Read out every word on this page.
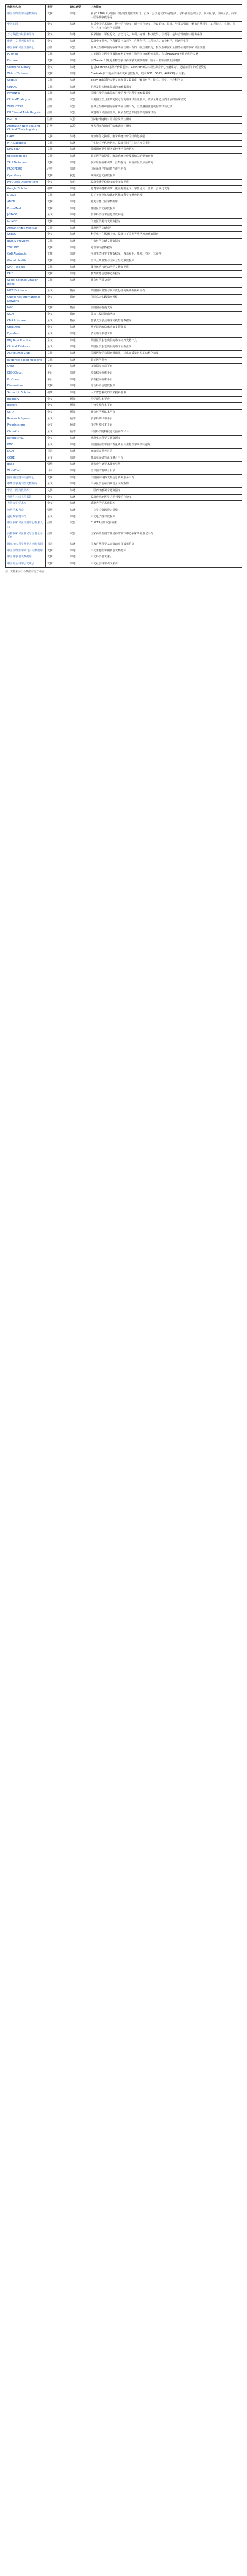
数据库名称	类型	研究类型	内容简介
中国生物医学文献数据库	文摘	综述	收录1978年以来国内出版的生物医学期刊、汇编、会议论文的文献题录，学科覆盖基础医学、临床医学、预防医学、药学、中医学及中药学等
中国知网	全文	综述	包括中国学术期刊、博士学位论文、硕士学位论文、会议论文、报纸、年鉴等资源，覆盖自然科学、工程技术、农业、医学、人文社会科学等领域
万方数据知识服务平台	全文	综述	收录期刊、学位论文、会议论文、专利、标准、科技成果、法规等，是综合性的知识服务系统
维普中文期刊服务平台	全文	综述	收录中文期刊，学科覆盖社会科学、自然科学、工程技术、农业科学、医药卫生等
中国临床试验注册中心	注册	试验	世界卫生组织国际临床试验注册平台的一级注册机构，接受在中国和全世界实施的临床试验注册
PubMed	文摘	综述	由美国国立医学图书馆开发的免费生物医学文献检索系统，包括MEDLINE等数据库的文献
Embase	文摘	综述	由Elsevier出版的生物医学与药理学文摘数据库，收录大量欧洲及亚洲期刊
Cochrane Library	全文	综述	包括Cochrane系统评价数据库、Cochrane临床对照试验中心注册库等，是循证医学的重要资源
Web of Science	文摘	综述	Clarivate旗下的多学科引文索引数据库，收录SCIE、SSCI、A&HCI等引文索引
Scopus	文摘	综述	Elsevier出版的大型文摘和引文数据库，覆盖科学、技术、医学、社会科学等
CINAHL	文摘	综述	护理及相关健康领域的文献数据库
PsycINFO	文摘	综述	美国心理学会出版的心理学及行为科学文献数据库
ClinicalTrials.gov	注册	试验	由美国国立卫生研究院运营的临床试验注册库，收录全球范围内开展的临床研究
WHO ICTRP	注册	试验	世界卫生组织国际临床试验注册平台，汇集各国注册机构的试验记录
EU Clinical Trials Register	注册	试验	欧盟临床试验注册库，收录在欧盟开展的药物临床试验
ISRCTN	注册	试验	国际标准随机对照试验编号注册库
Australian New Zealand Clinical Trials Registry	注册	试验	澳大利亚和新西兰临床试验注册库
DARE	文摘	综述	疗效评价文摘库，收录系统评价的结构化摘要
HTA Database	文摘	综述	卫生技术评估数据库，收录国际卫生技术评估报告
NHS EED	文摘	综述	英国国家卫生服务部经济评价数据库
Epistemonikos	文摘	综述	循证医学数据库，收录系统评价及其纳入的原始研究
TRIP Database	文摘	综述	临床证据检索引擎，汇集指南、系统评价及原始研究
PROSPERO	注册	综述	国际系统评价前瞻性注册平台
OpenGrey	文摘	灰色	欧洲灰色文献数据库
ProQuest Dissertations	全文	灰色	收录全球学位论文的全文数据库
Google Scholar	引擎	综述	免费学术搜索引擎，覆盖期刊论文、学位论文、图书、会议论文等
LILACS	文摘	综述	拉丁美洲及加勒比地区健康科学文献数据库
AMED	文摘	综述	补充与替代医学数据库
KoreaMed	文摘	综述	韩国医学文献数据库
J-STAGE	全文	综述	日本科学技术信息集成系统
IndMED	文摘	综述	印度医学期刊文献数据库
African Index Medicus	文摘	综述	非洲医学文献索引
SciELO	全文	综述	科学电子在线图书馆，收录拉丁美洲等地区开放获取期刊
BIOSIS Previews	文摘	综述	生命科学文献文摘数据库
TOXLINE	文摘	综述	毒理学文献数据库
CAB Abstracts	文摘	综述	应用生命科学文摘数据库，覆盖农业、环境、兽医、营养等
Global Health	文摘	综述	全球公共卫生与国际卫生文献数据库
SPORTDiscus	文摘	综述	体育运动与运动医学文献数据库
ERIC	文摘	综述	教育资源信息中心数据库
Social Science Citation Index	文摘	综述	社会科学引文索引
NICE Evidence	全文	指南	英国国家卫生与临床优化研究所证据检索平台
Guidelines International Network	全文	指南	国际临床实践指南网络
NGC	文摘	指南	美国国立指南文库
SIGN	全文	指南	苏格兰校际指南网络
CMA Infobase	全文	指南	加拿大医学会临床实践指南数据库
UpToDate	全文	综述	基于证据的临床决策支持资源
DynaMed	全文	综述	循证临床参考工具
BMJ Best Practice	全文	综述	英国医学杂志出版的临床决策支持工具
Clinical Evidence	全文	综述	英国医学杂志出版的临床证据汇编
ACP Journal Club	文摘	综述	美国医师学会期刊俱乐部，提供高质量研究的结构化摘要
Evidence-Based Medicine	文摘	综述	循证医学期刊
OVID	平台	综述	多数据库检索平台
EBSCOhost	平台	综述	多数据库检索平台
ProQuest	平台	综述	多数据库检索平台
Dimensions	文摘	综述	综合科研信息数据库
Semantic Scholar	引擎	综述	人工智能驱动的学术搜索引擎
medRxiv	全文	预印	医学预印本平台
bioRxiv	全文	预印	生物学预印本平台
SSRN	全文	预印	社会科学预印本平台
Research Square	全文	预印	多学科预印本平台
Preprints.org	全文	预印	多学科预印本平台
ChinaXiv	全文	预印	中国科学院科技论文预发布平台
Europe PMC	全文	综述	欧洲生命科学文献资源库
PMC	全文	综述	美国国立医学图书馆免费全文生物医学期刊文献库
DOAJ	目录	综述	开放获取期刊目录
CORE	全文	综述	开放获取研究论文聚合平台
BASE	引擎	综述	比勒费尔德学术搜索引擎
WorldCat	目录	综述	全球图书馆联合目录
国家科技图书文献中心	文摘	综述	中国国家科技文献信息资源服务平台
中华医学期刊全文数据库	全文	综述	中华医学会系列期刊全文数据库
中国中医药数据库	文摘	综述	中医药文献及专题数据库
台湾华艺线上图书馆	全文	综述	收录台湾地区学术期刊及学位论文
香港大学学术库	全文	综述	香港大学学术成果库
读秀学术搜索	引擎	综述	中文学术资源搜索引擎
超星数字图书馆	全文	综述	中文电子图书数据库
中国临床试验注册中心检索入口	注册	试验	ChiCTR注册试验检索
药物临床试验登记与信息公示平台	注册	试验	国家药品监督管理局药品审评中心临床试验登记平台
国家自然科学基金共享服务网	目录	综述	国家自然科学基金资助项目成果信息
中国生物医学期刊引文数据库	文摘	综述	中文生物医学期刊引文数据库
中国科学引文数据库	文摘	综述	中文科学引文索引
中国社会科学引文索引	文摘	综述	中文社会科学引文索引
注：资料来源于各数据库官方网站
